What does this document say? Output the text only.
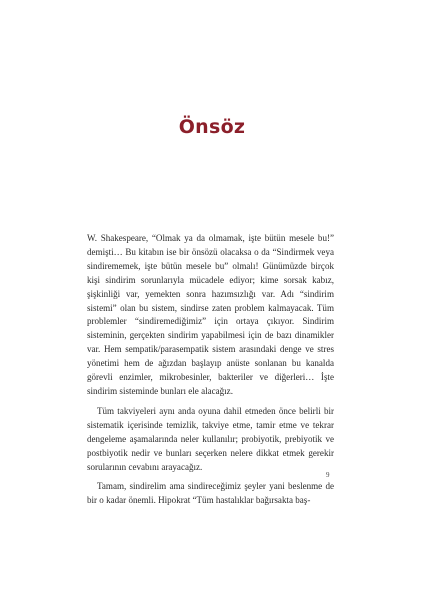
Önsöz

W. Shakespeare, “Olmak ya da olmamak, işte bütün mesele bu!” demişti… Bu kitabın ise bir önsözü olacaksa o da “Sindirmek veya sindirememek, işte bütün mesele bu” olmalı! Günümüzde birçok kişi sindirim sorunlarıyla mücadele ediyor; kime sorsak kabız, şişkinliği var, yemekten sonra hazımsızlığı var. Adı “sindirim sistemi” olan bu sistem, sindirse zaten problem kalmayacak. Tüm problemler “sindiremediğimiz” için ortaya çıkıyor. Sindirim sisteminin, gerçekten sindirim yapabilmesi için de bazı dinamikler var. Hem sempatik/parasempatik sistem arasındaki denge ve stres yönetimi hem de ağızdan başlayıp anüste sonlanan bu kanalda görevli enzimler, mikrobesinler, bakteriler ve diğerleri… İşte sindirim sisteminde bunları ele alacağız.

Tüm takviyeleri aynı anda oyuna dahil etmeden önce belirli bir sistematik içerisinde temizlik, takviye etme, tamir etme ve tekrar dengeleme aşamalarında neler kullanılır; probiyotik, prebiyotik ve postbiyotik nedir ve bunları seçerken nelere dikkat etmek gerekir sorularının cevabını arayacağız.

Tamam, sindirelim ama sindireceğimiz şeyler yani beslenme de bir o kadar önemli. Hipokrat “Tüm hastalıklar bağırsakta baş-

9
